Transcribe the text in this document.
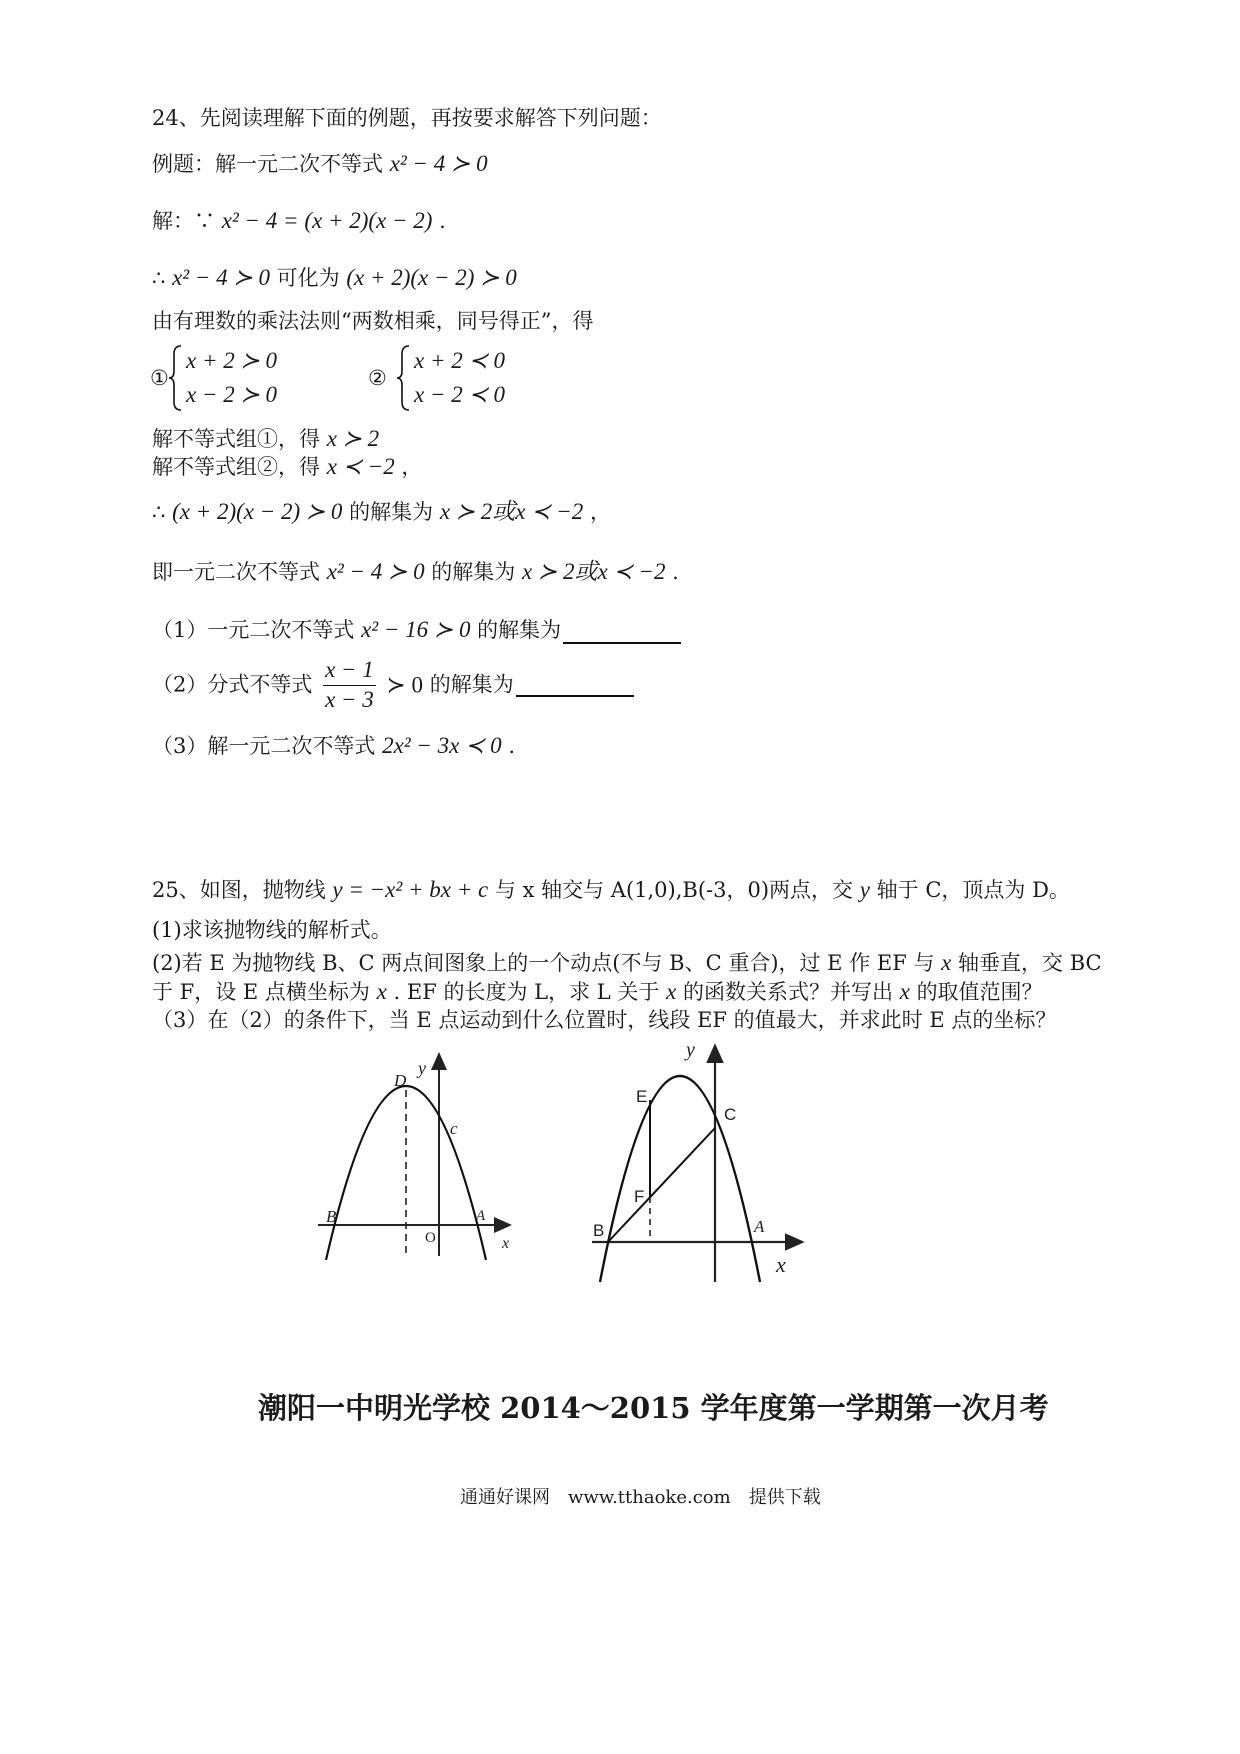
24、先阅读理解下面的例题，再按要求解答下列问题：
例题：解一元二次不等式 x² − 4 ≻ 0
解：∵ x² − 4 = (x + 2)(x − 2) .
∴ x² − 4 ≻ 0 可化为 (x + 2)(x − 2) ≻ 0
由有理数的乘法法则“两数相乘，同号得正”，得
①
x + 2 ≻ 0
x − 2 ≻ 0
②
x + 2 ≺ 0
x − 2 ≺ 0
解不等式组①，得 x ≻ 2
解不等式组②，得 x ≺ −2 ，
∴ (x + 2)(x − 2) ≻ 0 的解集为 x ≻ 2或x ≺ −2 ，
即一元二次不等式 x² − 4 ≻ 0 的解集为 x ≻ 2或x ≺ −2 .
（1）一元二次不等式 x² − 16 ≻ 0 的解集为
（2）分式不等式 $\frac{x - 1}{x - 3}$ ≻ 0 的解集为
（3）解一元二次不等式 2x² − 3x ≺ 0 .
25、如图，抛物线 y = −x² + bx + c 与 x 轴交与 A(1,0),B(-3，0)两点，交 y 轴于 C，顶点为 D。
(1)求该抛物线的解析式。
(2)若 E 为抛物线 B、C 两点间图象上的一个动点(不与 B、C 重合)，过 E 作 EF 与 x 轴垂直，交 BC
于 F，设 E 点横坐标为 x . EF 的长度为 L，求 L 关于 x 的函数关系式？并写出 x 的取值范围？
（3）在（2）的条件下，当 E 点运动到什么位置时，线段 EF 的值最大，并求此时 E 点的坐标？
y
D
c
B	A
O	x
y
E
C
F
B	A
x
潮阳一中明光学校 2014～2015 学年度第一学期第一次月考
通通好课网　www.tthaoke.com　提供下载
